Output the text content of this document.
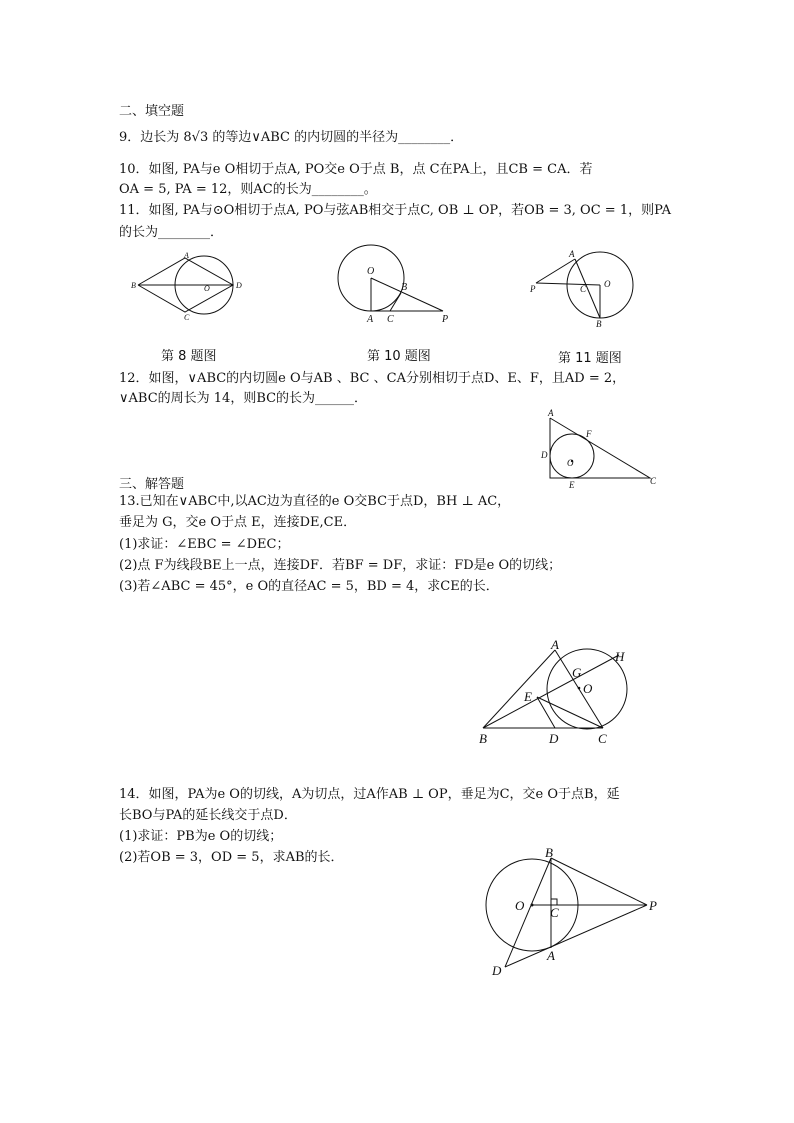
二、填空题
9．边长为 8√3 的等边∨ABC 的内切圆的半径为________．
10．如图, PA与e O相切于点A, PO交e O于点 B，点 C在PA上，且CB = CA．若
OA = 5, PA = 12，则AC的长为________。
11．如图, PA与⊙O相切于点A, PO与弦AB相交于点C, OB ⊥ OP，若OB = 3, OC = 1，则PA
的长为________．
A
B
C
D
O
O
A
B
C	P
A
P	C O
B
第 8 题图	第 10 题图	第 11 题图
12．如图，∨ABC的内切圆e O与AB 、BC 、CA分别相切于点D、E、F，且AD = 2，
∨ABC的周长为 14，则BC的长为______．
A
D
E
F
O
C
三、解答题
13.已知在∨ABC中,以AC边为直径的e O交BC于点D，BH ⊥ AC，
垂足为 G，交e O于点 E，连接DE,CE．
(1)求证：∠EBC = ∠DEC；
(2)点 F为线段BE上一点，连接DF．若BF = DF，求证：FD是e O的切线；
(3)若∠ABC = 45°，e O的直径AC = 5，BD = 4，求CE的长．
A
H
G
O
E
B	D	C
14．如图，PA为e O的切线，A为切点，过A作AB ⊥ OP，垂足为C，交e O于点B，延
长BO与PA的延长线交于点D．
(1)求证：PB为e O的切线；
(2)若OB = 3，OD = 5，求AB的长．	B
O C	P
A
D
